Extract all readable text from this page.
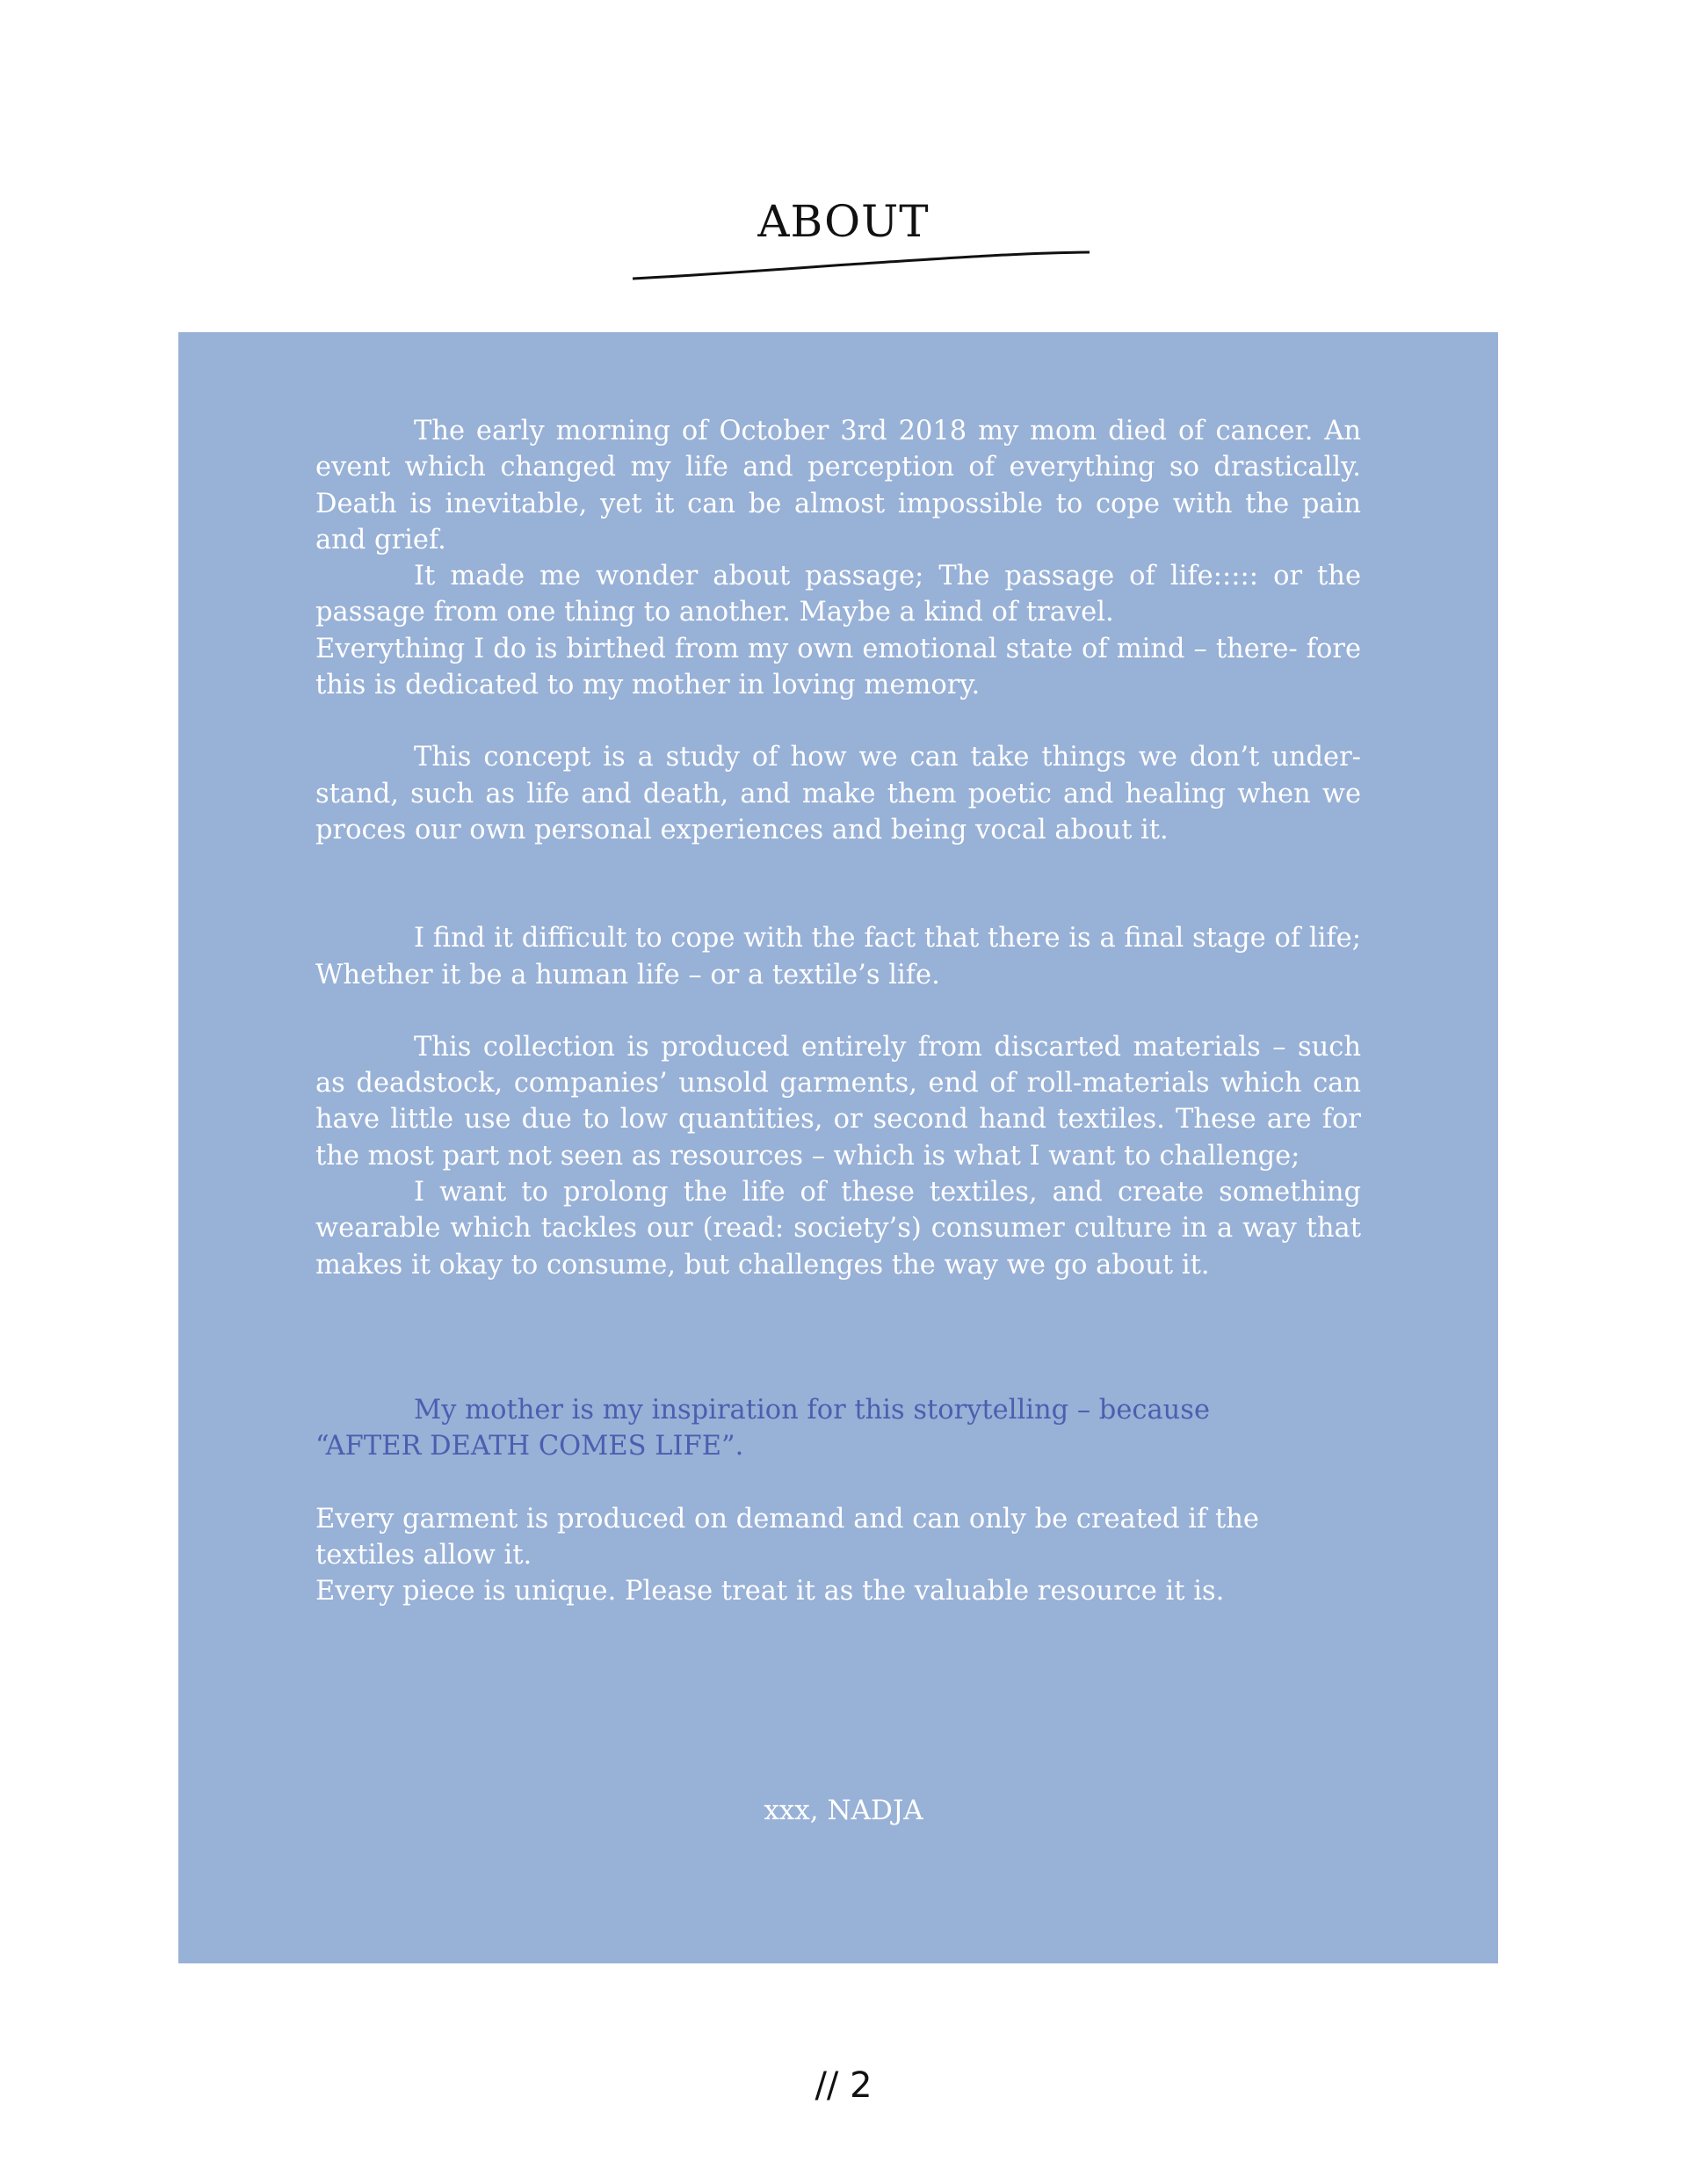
ABOUT

The early morning of October 3rd 2018 my mom died of cancer. An event which changed my life and perception of everything so drastically. Death is inevitable, yet it can be almost impossible to cope with the pain and grief.

It made me wonder about passage; The passage of life::::: or the passage from one thing to another. Maybe a kind of travel.

Everything I do is birthed from my own emotional state of mind – there- fore this is dedicated to my mother in loving memory.

This concept is a study of how we can take things we don’t under- stand, such as life and death, and make them poetic and healing when we proces our own personal experiences and being vocal about it.

I find it difficult to cope with the fact that there is a final stage of life; Whether it be a human life – or a textile’s life.

This collection is produced entirely from discarted materials – such as deadstock, companies’ unsold garments, end of roll-materials which can have little use due to low quantities, or second hand textiles. These are for the most part not seen as resources – which is what I want to challenge;

I want to prolong the life of these textiles, and create something wearable which tackles our (read: society’s) consumer culture in a way that makes it okay to consume, but challenges the way we go about it.

My mother is my inspiration for this storytelling – because

“AFTER DEATH COMES LIFE”.

Every garment is produced on demand and can only be created if the textiles allow it.

Every piece is unique. Please treat it as the valuable resource it is.

xxx, NADJA
// 2
